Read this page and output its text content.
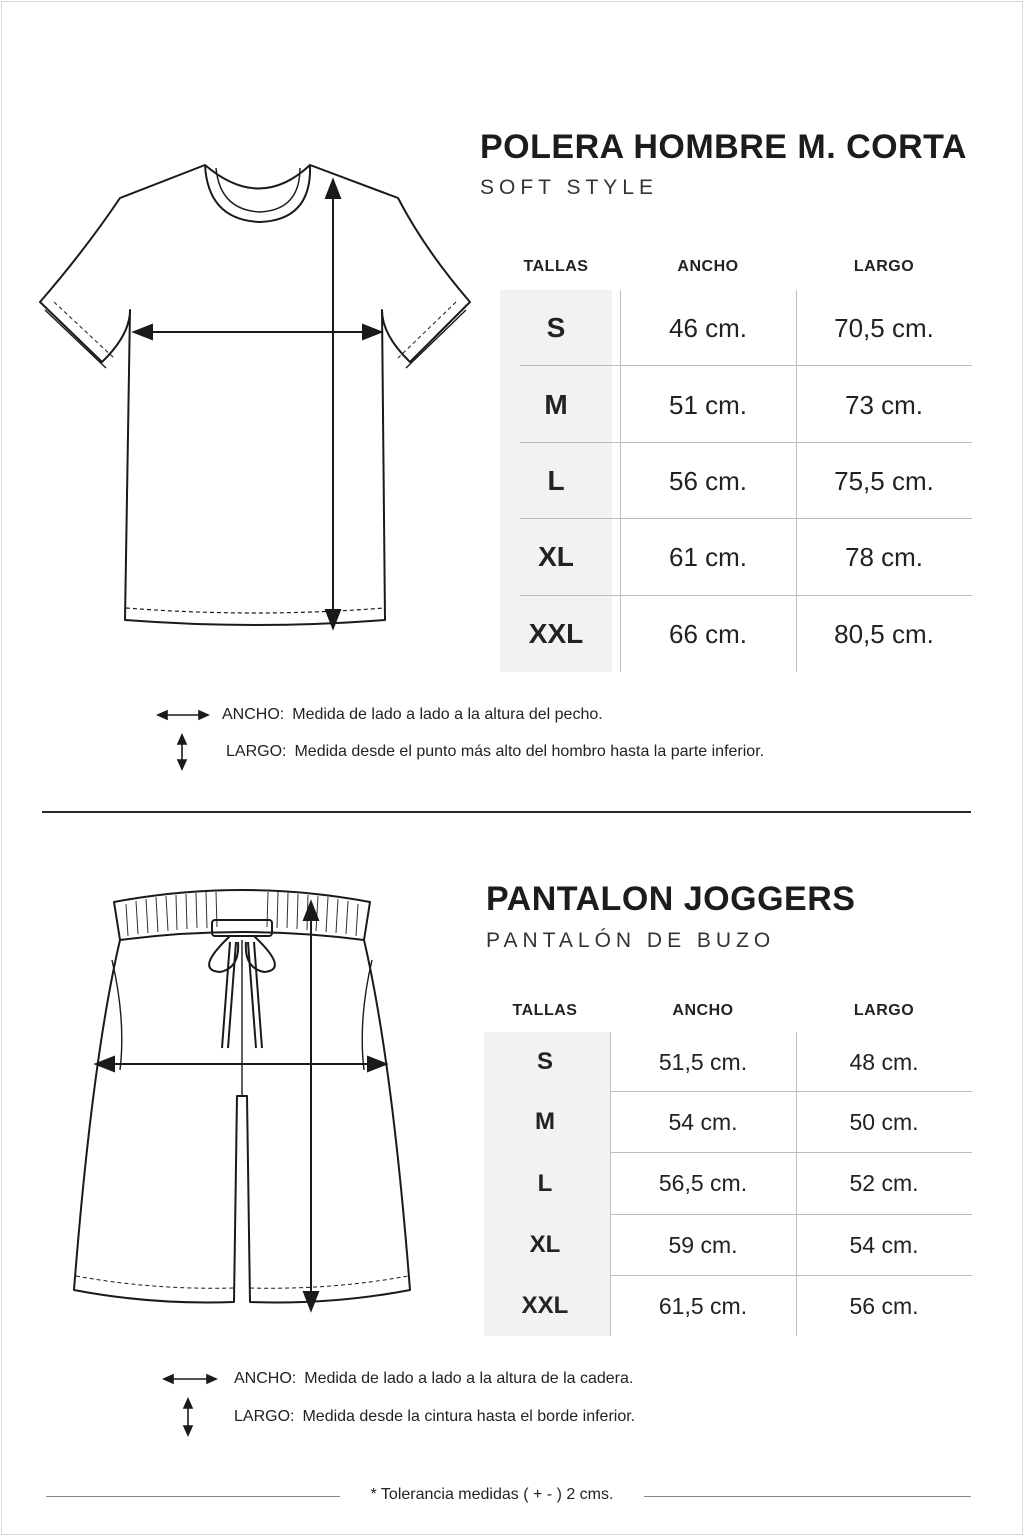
POLERA HOMBRE M. CORTA
SOFT STYLE
TALLAS	ANCHO	LARGO
S	46 cm.	70,5 cm.
M	51 cm.	73 cm.
L	56 cm.	75,5 cm.
XL	61 cm.	78 cm.
XXL	66 cm.	80,5 cm.
ANCHO: Medida de lado a lado a la altura del pecho.
LARGO: Medida desde el punto más alto del hombro hasta la parte inferior.
PANTALON JOGGERS
PANTALÓN DE BUZO
TALLAS	ANCHO	LARGO
S	51,5 cm.	48 cm.
M	54 cm.	50 cm.
L	56,5 cm.	52 cm.
XL	59 cm.	54 cm.
XXL	61,5 cm.	56 cm.
ANCHO: Medida de lado a lado a la altura de la cadera.
LARGO: Medida desde la cintura hasta el borde inferior.
* Tolerancia medidas ( + - ) 2 cms.
